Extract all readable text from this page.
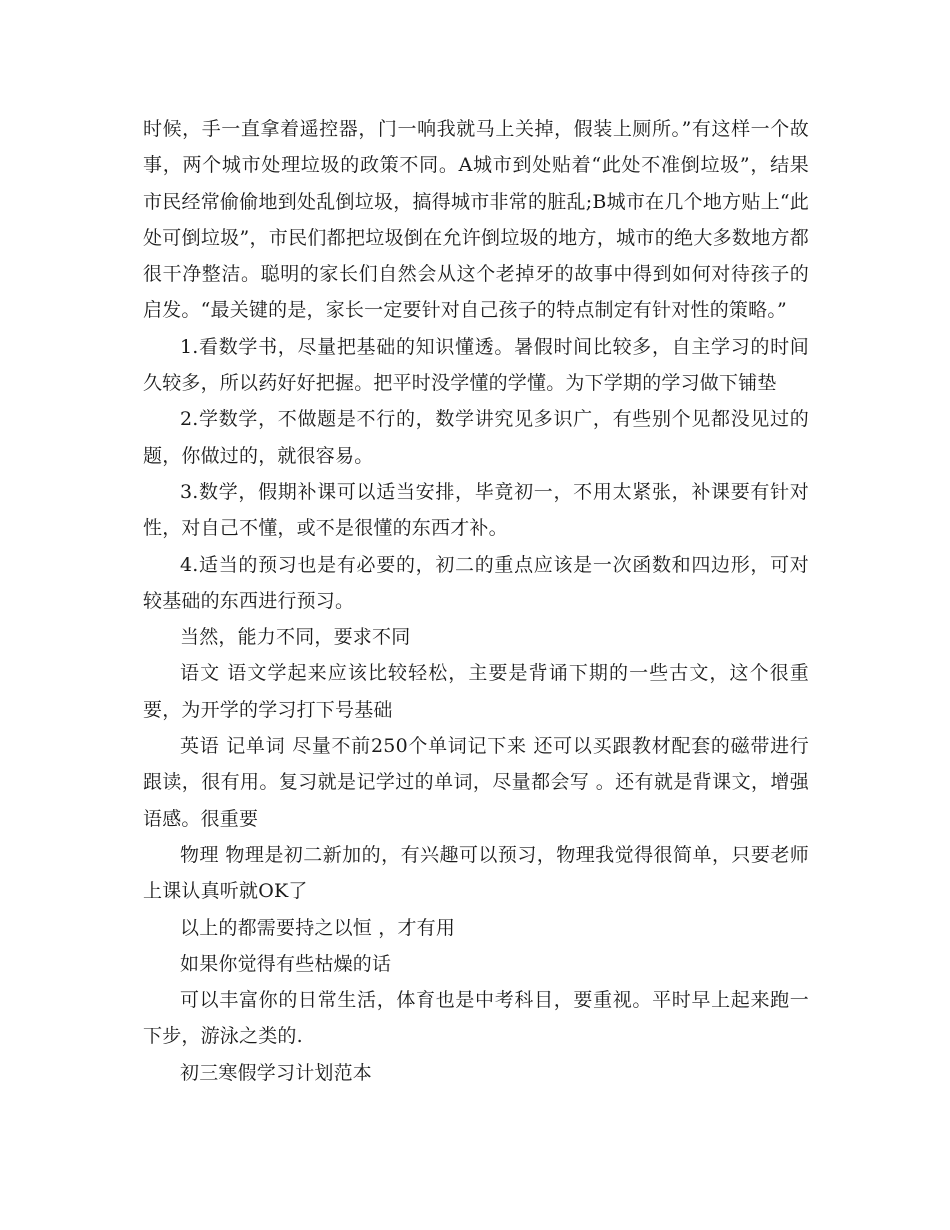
时候，手一直拿着遥控器，门一响我就马上关掉，假装上厕所。”有这样一个故事，两个城市处理垃圾的政策不同。A城市到处贴着“此处不准倒垃圾”，结果市民经常偷偷地到处乱倒垃圾，搞得城市非常的脏乱;B城市在几个地方贴上“此处可倒垃圾”，市民们都把垃圾倒在允许倒垃圾的地方，城市的绝大多数地方都很干净整洁。聪明的家长们自然会从这个老掉牙的故事中得到如何对待孩子的启发。“最关键的是，家长一定要针对自己孩子的特点制定有针对性的策略。”

1.看数学书，尽量把基础的知识懂透。暑假时间比较多，自主学习的时间久较多，所以药好好把握。把平时没学懂的学懂。为下学期的学习做下铺垫

2.学数学，不做题是不行的，数学讲究见多识广，有些别个见都没见过的题，你做过的，就很容易。

3.数学，假期补课可以适当安排，毕竟初一，不用太紧张，补课要有针对性，对自己不懂，或不是很懂的东西才补。

4.适当的预习也是有必要的，初二的重点应该是一次函数和四边形，可对较基础的东西进行预习。

当然，能力不同，要求不同

语文 语文学起来应该比较轻松，主要是背诵下期的一些古文，这个很重要，为开学的学习打下号基础

英语 记单词 尽量不前250个单词记下来 还可以买跟教材配套的磁带进行跟读，很有用。复习就是记学过的单词，尽量都会写 。还有就是背课文，增强语感。很重要

物理 物理是初二新加的，有兴趣可以预习，物理我觉得很简单，只要老师上课认真听就OK了

以上的都需要持之以恒 ，才有用

如果你觉得有些枯燥的话

可以丰富你的日常生活，体育也是中考科目，要重视。平时早上起来跑一下步，游泳之类的.

初三寒假学习计划范本
